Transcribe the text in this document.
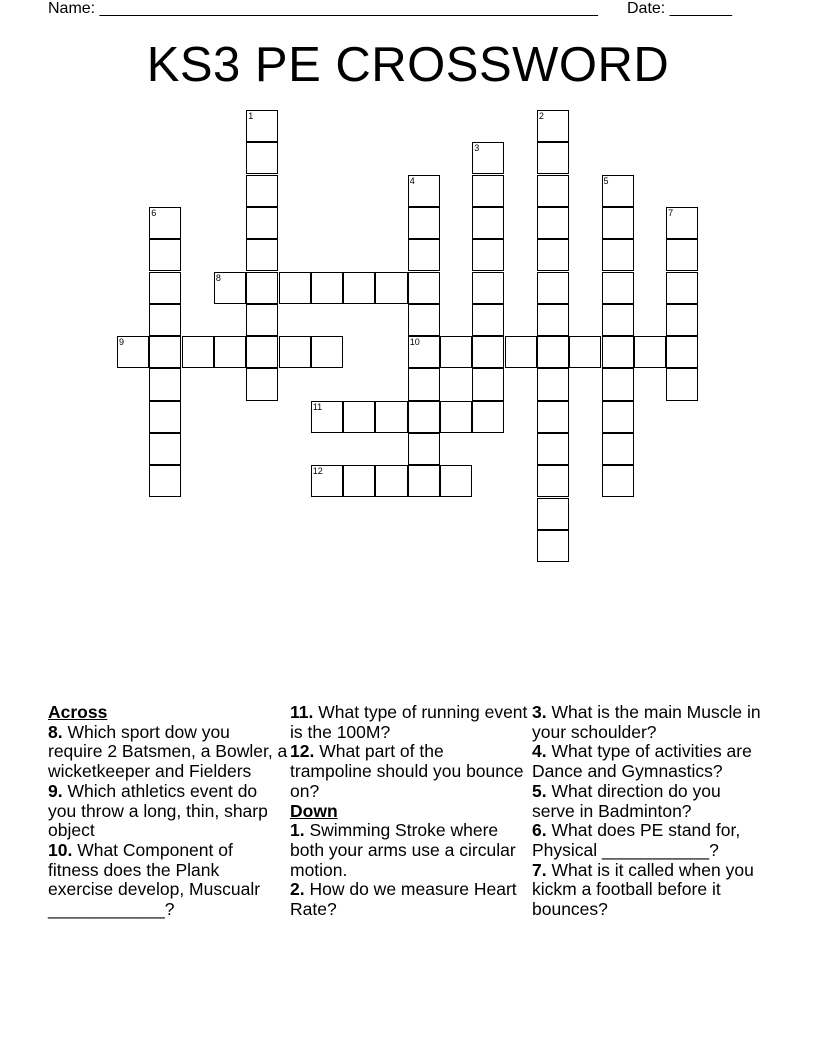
Name: ________________________________________________________ Date: _______
KS3 PE CROSSWORD
1	2
3
4
10
5
6	7
8
9
11
12
Across
8. Which sport dow you require 2 Batsmen, a Bowler, a wicketkeeper and Fielders
9. Which athletics event do you throw a long, thin, sharp object
10. What Component of fitness does the Plank exercise develop, Muscualr ____________?
11. What type of running event is the 100M?
12. What part of the trampoline should you bounce on?
Down
1. Swimming Stroke where both your arms use a circular motion.
2. How do we measure Heart Rate?
3. What is the main Muscle in your schoulder?
4. What type of activities are Dance and Gymnastics?
5. What direction do you serve in Badminton?
6. What does PE stand for, Physical ___________?
7. What is it called when you kickm a football before it bounces?
